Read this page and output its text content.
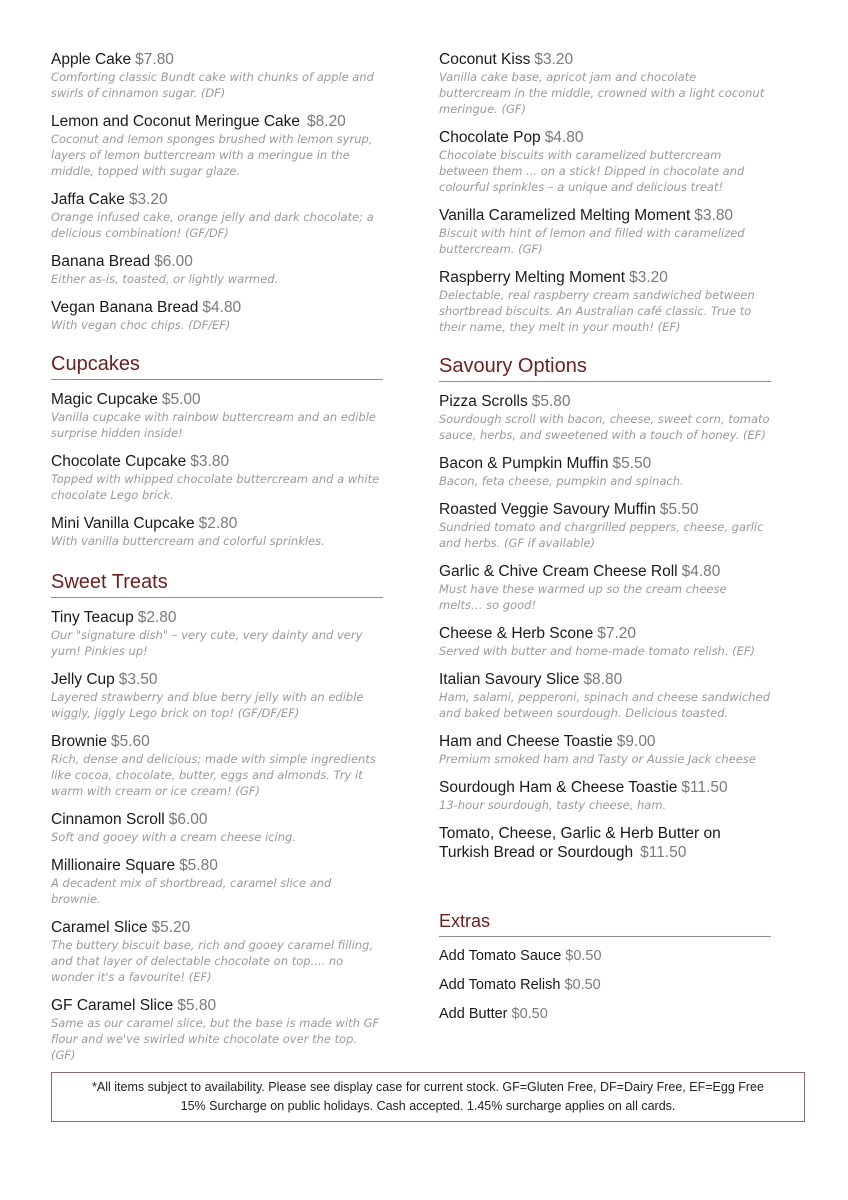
Apple Cake $7.80
Comforting classic Bundt cake with chunks of apple and swirls of cinnamon sugar. (DF)
Lemon and Coconut Meringue Cake $8.20
Coconut and lemon sponges brushed with lemon syrup, layers of lemon buttercream with a meringue in the middle, topped with sugar glaze.
Jaffa Cake $3.20
Orange infused cake, orange jelly and dark chocolate; a delicious combination! (GF/DF)
Banana Bread $6.00
Either as-is, toasted, or lightly warmed.
Vegan Banana Bread $4.80
With vegan choc chips. (DF/EF)
Cupcakes
Magic Cupcake $5.00
Vanilla cupcake with rainbow buttercream and an edible surprise hidden inside!
Chocolate Cupcake $3.80
Topped with whipped chocolate buttercream and a white chocolate Lego brick.
Mini Vanilla Cupcake $2.80
With vanilla buttercream and colorful sprinkles.
Sweet Treats
Tiny Teacup $2.80
Our "signature dish" – very cute, very dainty and very yum! Pinkies up!
Jelly Cup $3.50
Layered strawberry and blue berry jelly with an edible wiggly, jiggly Lego brick on top! (GF/DF/EF)
Brownie $5.60
Rich, dense and delicious; made with simple ingredients like cocoa, chocolate, butter, eggs and almonds. Try it warm with cream or ice cream! (GF)
Cinnamon Scroll $6.00
Soft and gooey with a cream cheese icing.
Millionaire Square $5.80
A decadent mix of shortbread, caramel slice and brownie.
Caramel Slice $5.20
The buttery biscuit base, rich and gooey caramel filling, and that layer of delectable chocolate on top.... no wonder it's a favourite! (EF)
GF Caramel Slice $5.80
Same as our caramel slice, but the base is made with GF flour and we've swirled white chocolate over the top. (GF)
Coconut Kiss $3.20
Vanilla cake base, apricot jam and chocolate buttercream in the middle, crowned with a light coconut meringue. (GF)
Chocolate Pop $4.80
Chocolate biscuits with caramelized buttercream between them ... on a stick! Dipped in chocolate and colourful sprinkles – a unique and delicious treat!
Vanilla Caramelized Melting Moment $3.80
Biscuit with hint of lemon and filled with caramelized buttercream. (GF)
Raspberry Melting Moment $3.20
Delectable, real raspberry cream sandwiched between shortbread biscuits. An Australian café classic. True to their name, they melt in your mouth! (EF)
Savoury Options
Pizza Scrolls $5.80
Sourdough scroll with bacon, cheese, sweet corn, tomato sauce, herbs, and sweetened with a touch of honey. (EF)
Bacon & Pumpkin Muffin $5.50
Bacon, feta cheese, pumpkin and spinach.
Roasted Veggie Savoury Muffin $5.50
Sundried tomato and chargrilled peppers, cheese, garlic and herbs. (GF if available)
Garlic & Chive Cream Cheese Roll $4.80
Must have these warmed up so the cream cheese melts… so good!
Cheese & Herb Scone $7.20
Served with butter and home-made tomato relish. (EF)
Italian Savoury Slice $8.80
Ham, salami, pepperoni, spinach and cheese sandwiched and baked between sourdough. Delicious toasted.
Ham and Cheese Toastie $9.00
Premium smoked ham and Tasty or Aussie Jack cheese
Sourdough Ham & Cheese Toastie $11.50
13-hour sourdough, tasty cheese, ham.
Tomato, Cheese, Garlic & Herb Butter on Turkish Bread or Sourdough $11.50
Extras
Add Tomato Sauce $0.50
Add Tomato Relish $0.50
Add Butter $0.50
*All items subject to availability. Please see display case for current stock. GF=Gluten Free, DF=Dairy Free, EF=Egg Free
15% Surcharge on public holidays. Cash accepted. 1.45% surcharge applies on all cards.
